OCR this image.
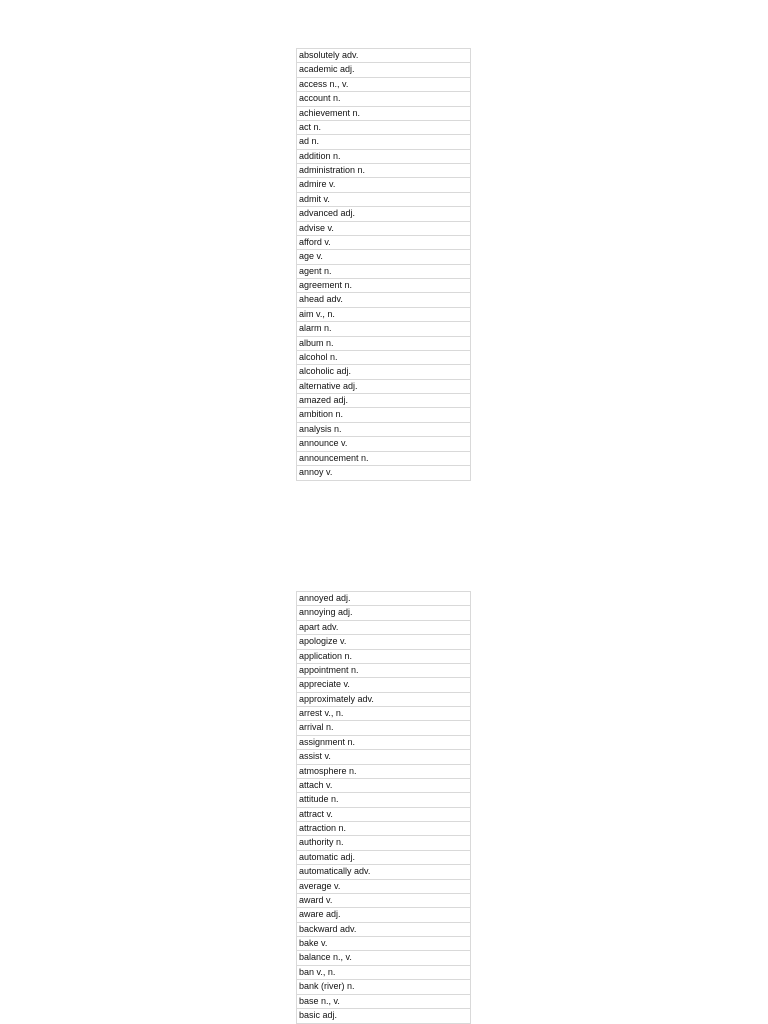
absolutely adv.
academic adj.
access n., v.
account n.
achievement n.
act n.
ad n.
addition n.
administration n.
admire v.
admit v.
advanced adj.
advise v.
afford v.
age v.
agent n.
agreement n.
ahead adv.
aim v., n.
alarm n.
album n.
alcohol n.
alcoholic adj.
alternative adj.
amazed adj.
ambition n.
analysis n.
announce v.
announcement n.
annoy v.
annoyed adj.
annoying adj.
apart adv.
apologize v.
application n.
appointment n.
appreciate v.
approximately adv.
arrest v., n.
arrival n.
assignment n.
assist v.
atmosphere n.
attach v.
attitude n.
attract v.
attraction n.
authority n.
automatic adj.
automatically adv.
average v.
award v.
aware adj.
backward adv.
bake v.
balance n., v.
ban v., n.
bank (river) n.
base n., v.
basic adj.
